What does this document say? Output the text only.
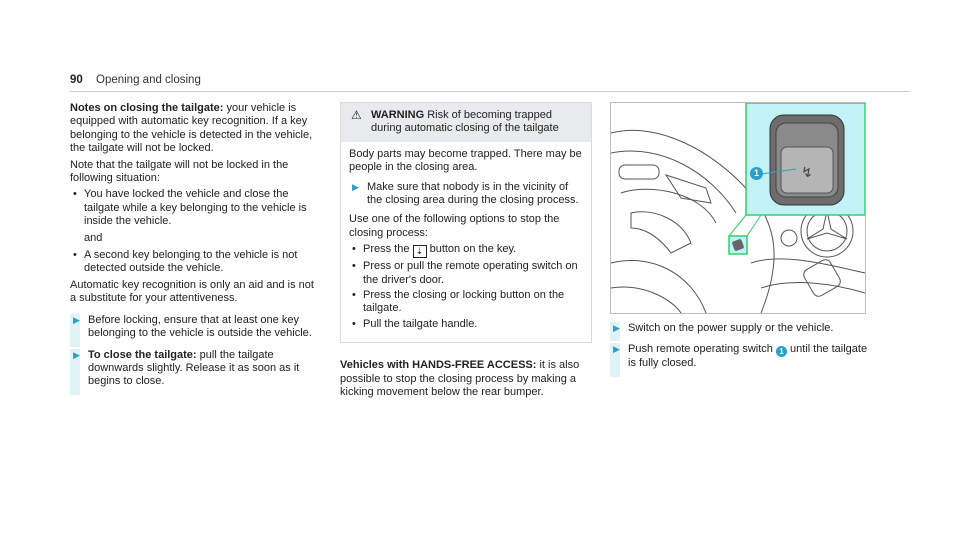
90 Opening and closing

Notes on closing the tailgate: your vehicle is equipped with automatic key recognition. If a key belonging to the vehicle is detected in the vehicle, the tailgate will not be locked.

Note that the tailgate will not be locked in the following situation:

• You have locked the vehicle and close the tailgate while a key belonging to the vehicle is inside the vehicle.
and
• A second key belonging to the vehicle is not detected outside the vehicle.

Automatic key recognition is only an aid and is not a substitute for your attentiveness.

▶ Before locking, ensure that at least one key belonging to the vehicle is outside the vehicle.
▶ To close the tailgate: pull the tailgate downwards slightly. Release it as soon as it begins to close.
⚠ WARNING Risk of becoming trapped during automatic closing of the tailgate

Body parts may become trapped. There may be people in the closing area.

▶ Make sure that nobody is in the vicinity of the closing area during the closing process.

Use one of the following options to stop the closing process:

• Press the ⇣ button on the key.
• Press or pull the remote operating switch on the driver's door.
• Press the closing or locking button on the tailgate.
• Pull the tailgate handle.

Vehicles with HANDS-FREE ACCESS: it is also possible to stop the closing process by making a kicking movement below the rear bumper.

↯
1
▶ Switch on the power supply or the vehicle.
▶ Push remote operating switch 1 until the tailgate is fully closed.
